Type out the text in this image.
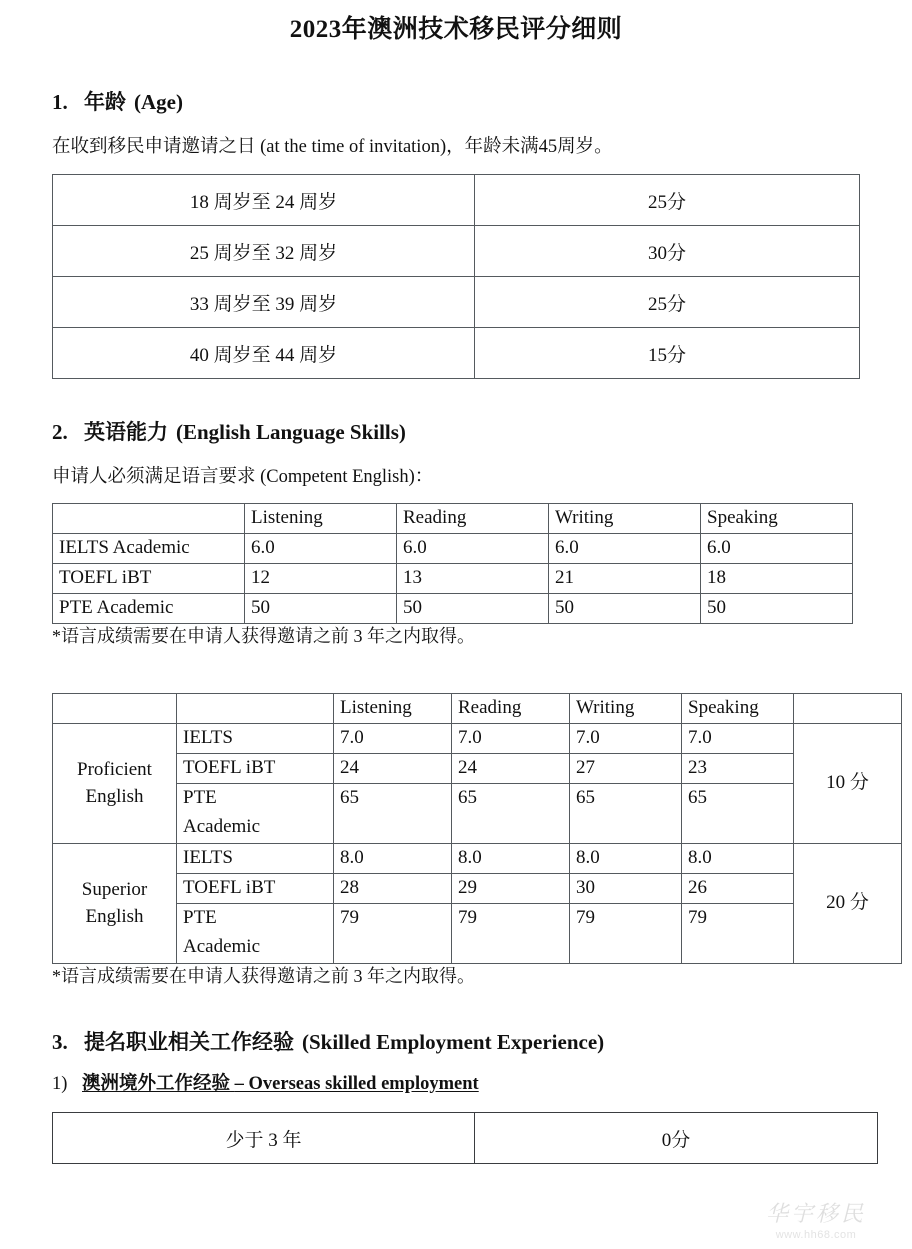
2023年澳洲技术移民评分细则
1. 年龄 (Age)

在收到移民申请邀请之日 (at the time of invitation)，年龄未满45周岁。

18 周岁至 24 周岁	25分
25 周岁至 32 周岁	30分
33 周岁至 39 周岁	25分
40 周岁至 44 周岁	15分
2. 英语能力 (English Language Skills)

申请人必须满足语言要求 (Competent English)：

	Listening	Reading	Writing	Speaking
IELTS Academic	6.0	6.0	6.0	6.0
TOEFL iBT	12	13	21	18
PTE Academic	50	50	50	50

*语言成绩需要在申请人获得邀请之前 3 年之内取得。

		Listening	Reading	Writing	Speaking	
Proficient
English	IELTS	7.0	7.0	7.0	7.0	10 分
	TOEFL iBT	24	24	27	23	
	PTE	65	65	65	65	
	Academic					
Superior
English	IELTS	8.0	8.0	8.0	8.0	20 分
	TOEFL iBT	28	29	30	26	
	PTE	79	79	79	79	
	Academic					

*语言成绩需要在申请人获得邀请之前 3 年之内取得。

3. 提名职业相关工作经验 (Skilled Employment Experience)
1) 澳洲境外工作经验 – Overseas skilled employment
少于 3 年	0分
华宇移民
www.hh68.com
